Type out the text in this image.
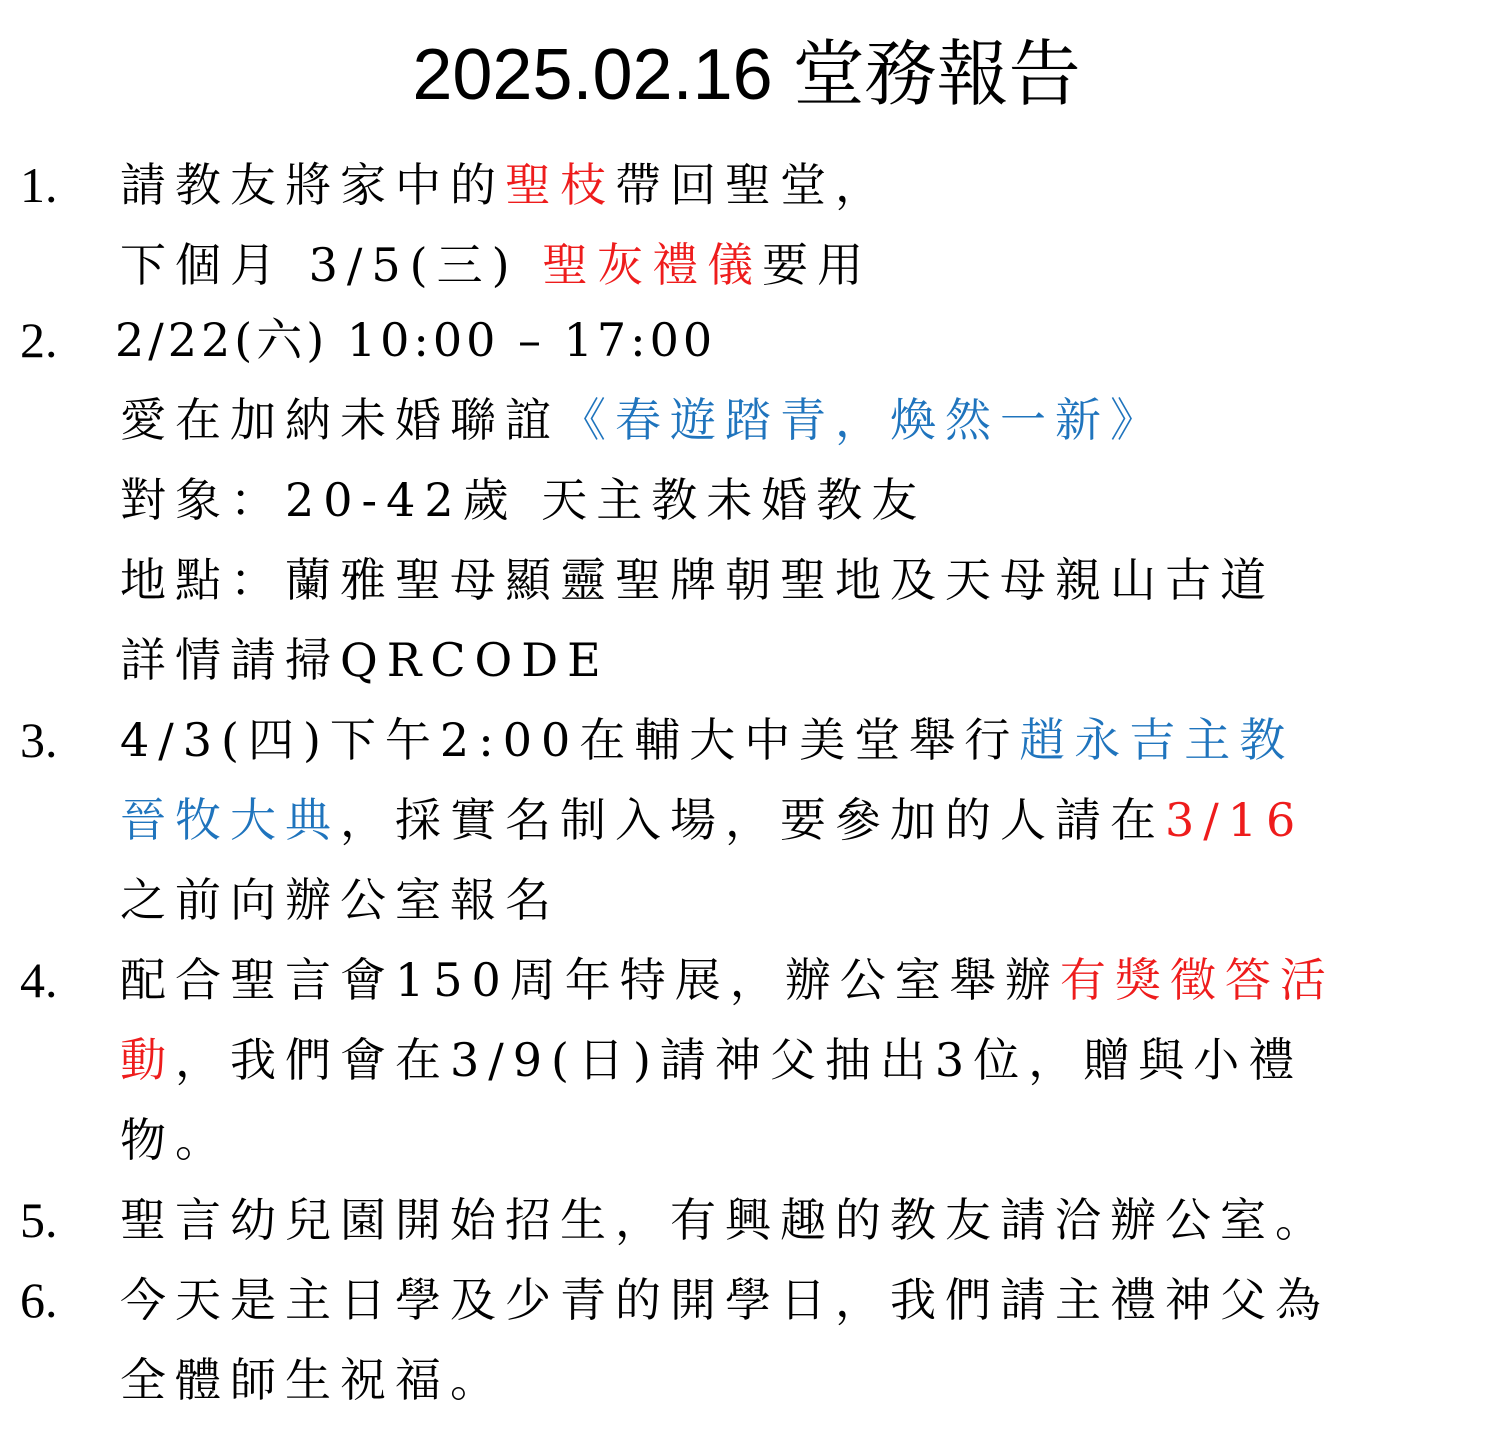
2025.02.16 堂務報告
1. 請教友將家中的聖枝帶回聖堂，
下個月 3/5(三) 聖灰禮儀要用
2. 2/22(六) 10:00 – 17:00
愛在加納未婚聯誼《春遊踏青，煥然一新》
對象：20-42歲 天主教未婚教友
地點：蘭雅聖母顯靈聖牌朝聖地及天母親山古道
詳情請掃QRCODE
3. 4/3(四)下午2:00在輔大中美堂舉行趙永吉主教
晉牧大典，採實名制入場，要參加的人請在3/16
之前向辦公室報名
4. 配合聖言會150周年特展，辦公室舉辦有獎徵答活
動，我們會在3/9(日)請神父抽出3位，贈與小禮
物。
5. 聖言幼兒園開始招生，有興趣的教友請洽辦公室。
6. 今天是主日學及少青的開學日，我們請主禮神父為
全體師生祝福。
